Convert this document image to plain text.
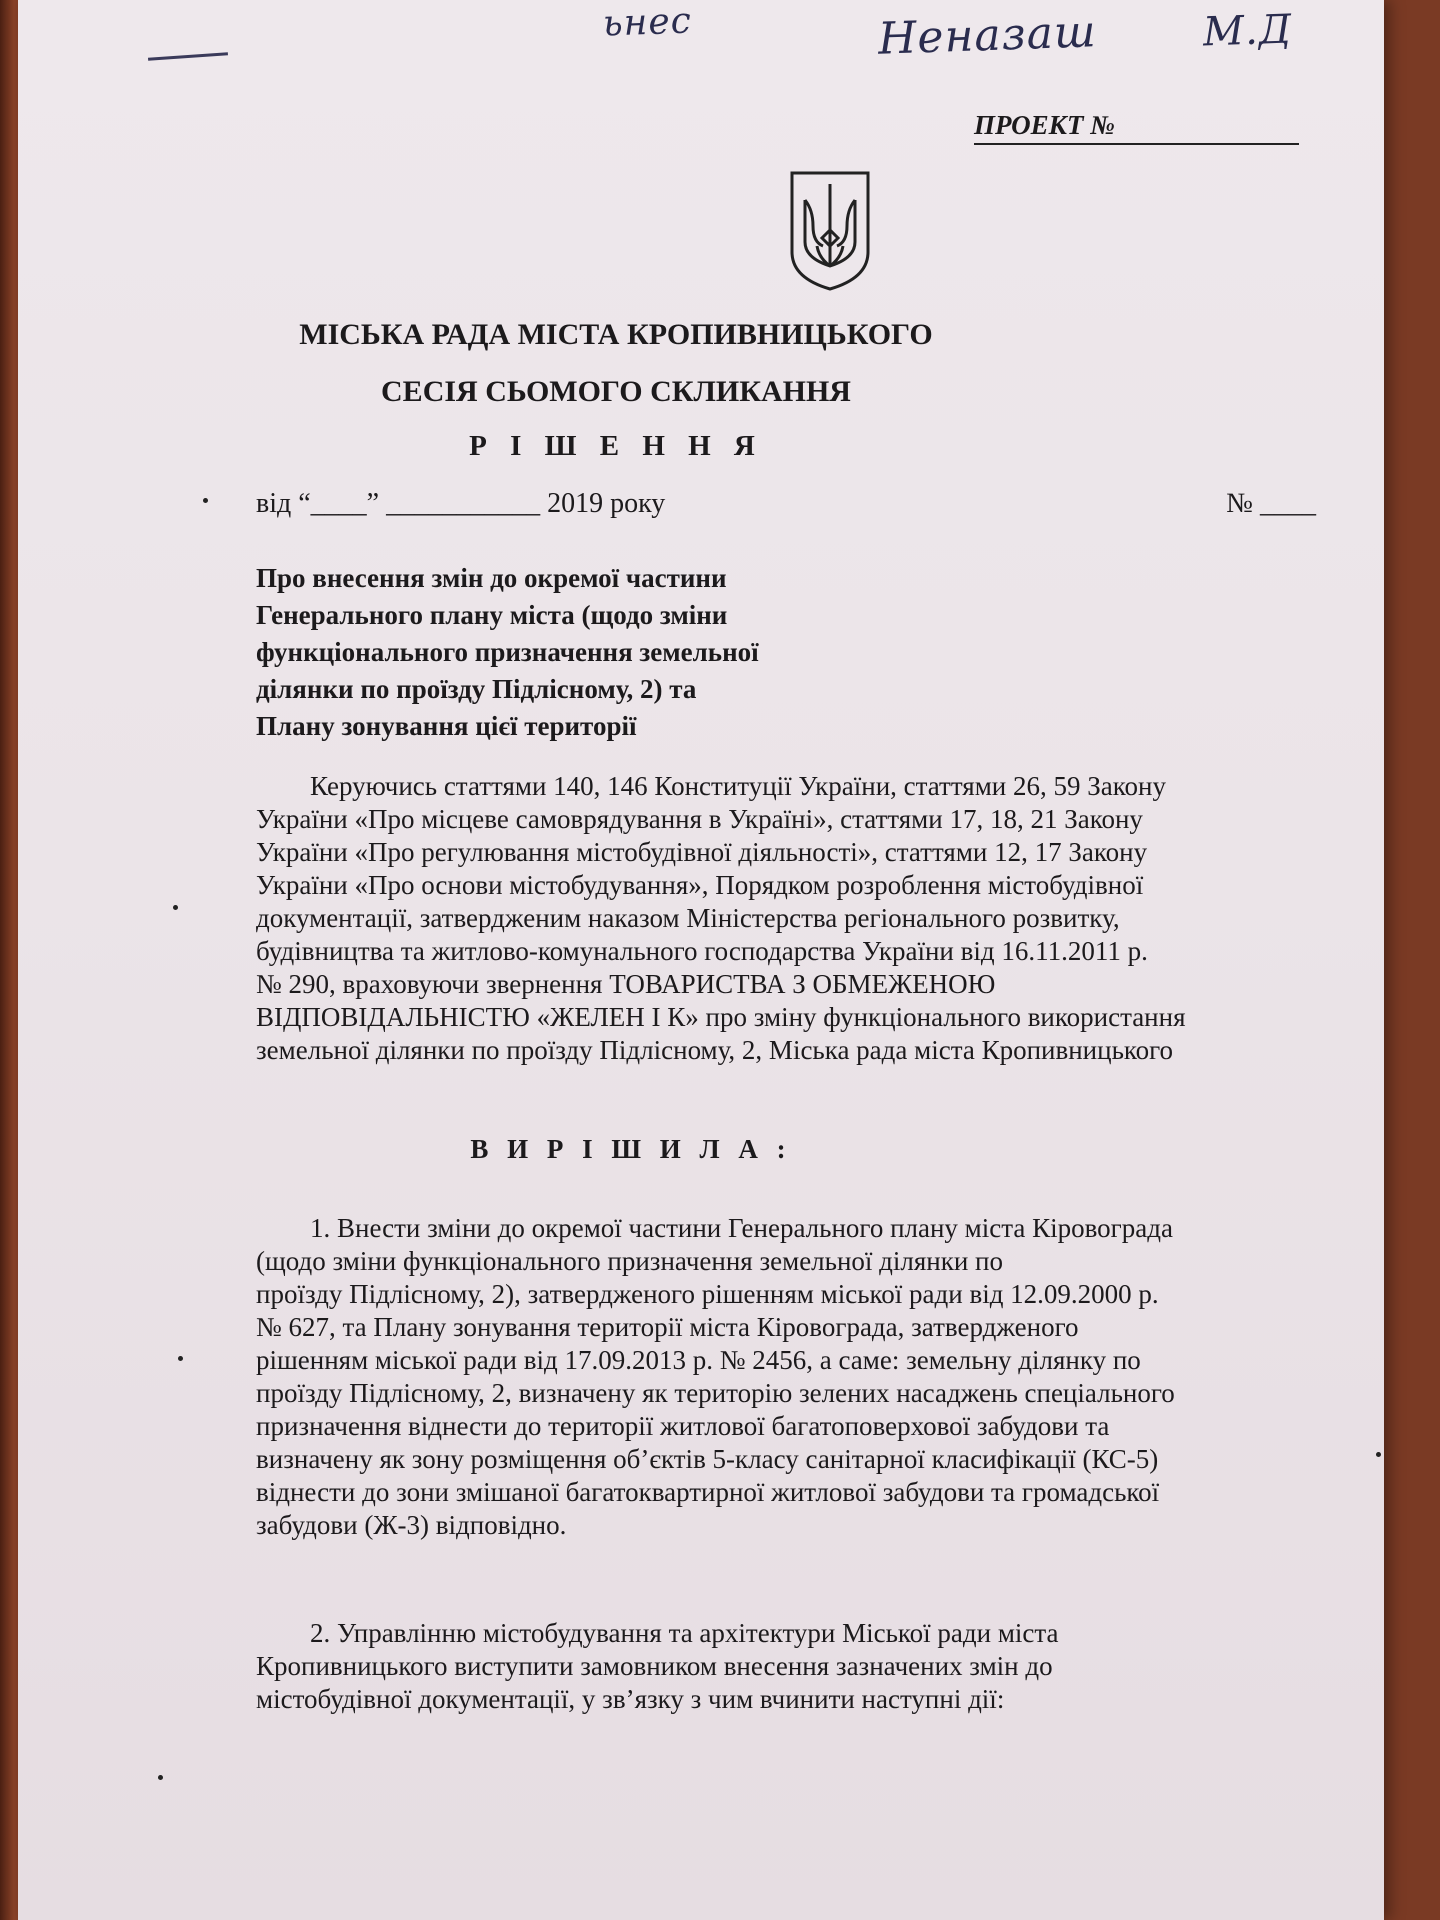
ьнес	Неназаш	М.Д
ПРОЕКТ №
МІСЬКА РАДА МІСТА КРОПИВНИЦЬКОГО
СЕСІЯ СЬОМОГО СКЛИКАННЯ
Р І Ш Е Н Н Я
від “____” ___________ 2019 року	№ ____
Про внесення змін до окремої частини
Генерального плану міста (щодо зміни
функціонального призначення земельної
ділянки по проїзду Підлісному, 2) та
Плану зонування цієї території
Керуючись статтями 140, 146 Конституції України, статтями 26, 59 Закону
України «Про місцеве самоврядування в Україні», статтями 17, 18, 21 Закону
України «Про регулювання містобудівної діяльності», статтями 12, 17 Закону
України «Про основи містобудування», Порядком розроблення містобудівної
документації, затвердженим наказом Міністерства регіонального розвитку,
будівництва та житлово-комунального господарства України від 16.11.2011 р.
№ 290, враховуючи звернення ТОВАРИСТВА З ОБМЕЖЕНОЮ
ВІДПОВІДАЛЬНІСТЮ «ЖЕЛЕН І К» про зміну функціонального використання
земельної ділянки по проїзду Підлісному, 2, Міська рада міста Кропивницького
В И Р І Ш И Л А :
1. Внести зміни до окремої частини Генерального плану міста Кіровограда
(щодо зміни функціонального призначення земельної ділянки по
проїзду Підлісному, 2), затвердженого рішенням міської ради від 12.09.2000 р.
№ 627, та Плану зонування території міста Кіровограда, затвердженого
рішенням міської ради від 17.09.2013 р. № 2456, а саме: земельну ділянку по
проїзду Підлісному, 2, визначену як територію зелених насаджень спеціального
призначення віднести до території житлової багатоповерхової забудови та
визначену як зону розміщення об’єктів 5-класу санітарної класифікації (КС-5)
віднести до зони змішаної багатоквартирної житлової забудови та громадської
забудови (Ж-3) відповідно.
2. Управлінню містобудування та архітектури Міської ради міста
Кропивницького виступити замовником внесення зазначених змін до
містобудівної документації, у зв’язку з чим вчинити наступні дії:
